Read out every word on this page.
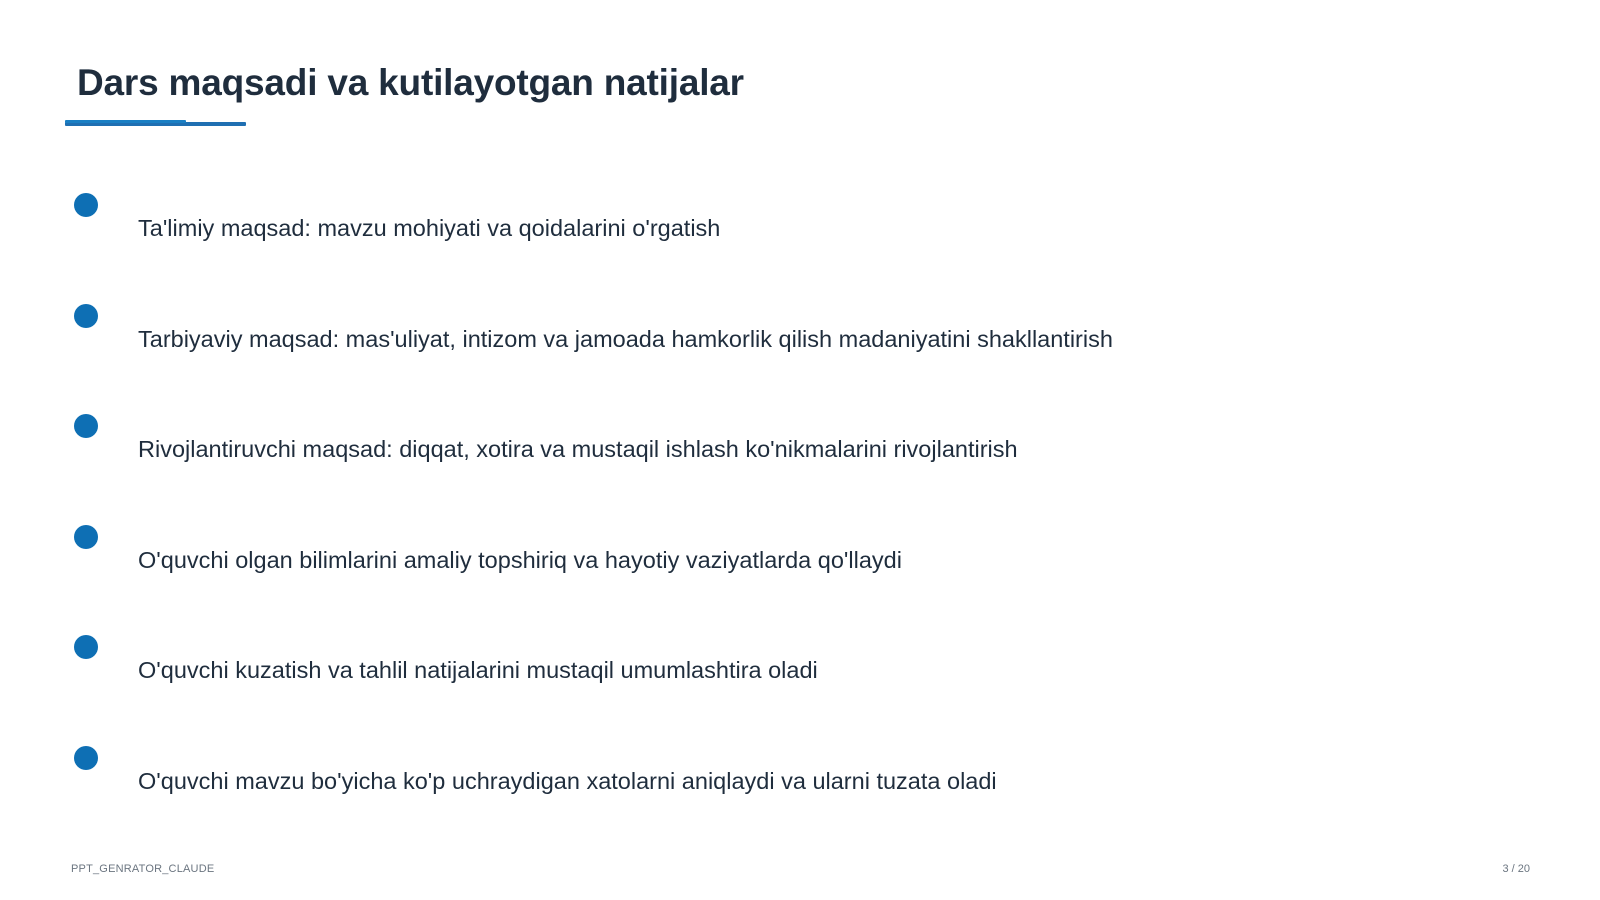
Dars maqsadi va kutilayotgan natijalar
Ta'limiy maqsad: mavzu mohiyati va qoidalarini o'rgatish
Tarbiyaviy maqsad: mas'uliyat, intizom va jamoada hamkorlik qilish madaniyatini shakllantirish
Rivojlantiruvchi maqsad: diqqat, xotira va mustaqil ishlash ko'nikmalarini rivojlantirish
O'quvchi olgan bilimlarini amaliy topshiriq va hayotiy vaziyatlarda qo'llaydi
O'quvchi kuzatish va tahlil natijalarini mustaqil umumlashtira oladi
O'quvchi mavzu bo'yicha ko'p uchraydigan xatolarni aniqlaydi va ularni tuzata oladi
PPT_GENRATOR_CLAUDE	3 / 20
